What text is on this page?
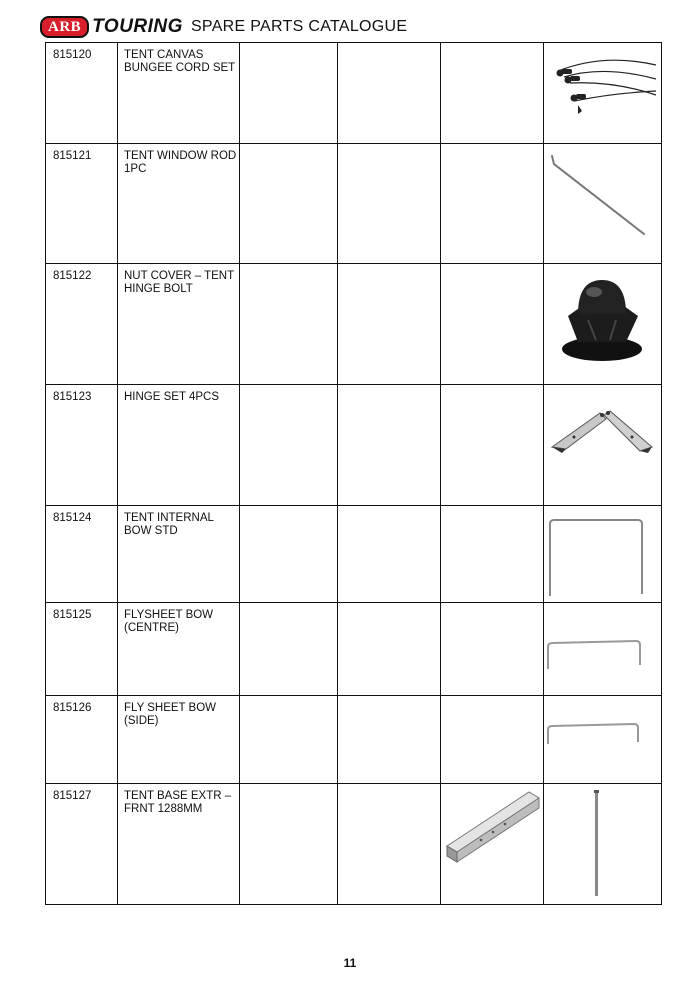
ARB TOURING SPARE PARTS CATALOGUE
815120	TENT CANVAS BUNGEE CORD SET				

815121	TENT WINDOW ROD 1PC				

815122	NUT COVER – TENT HINGE BOLT				

815123	HINGE SET 4PCS				

815124	TENT INTERNAL BOW STD				

815125	FLYSHEET BOW (CENTRE)				

815126	FLY SHEET BOW (SIDE)				

815127	TENT BASE EXTR – FRNT 1288MM			

11
